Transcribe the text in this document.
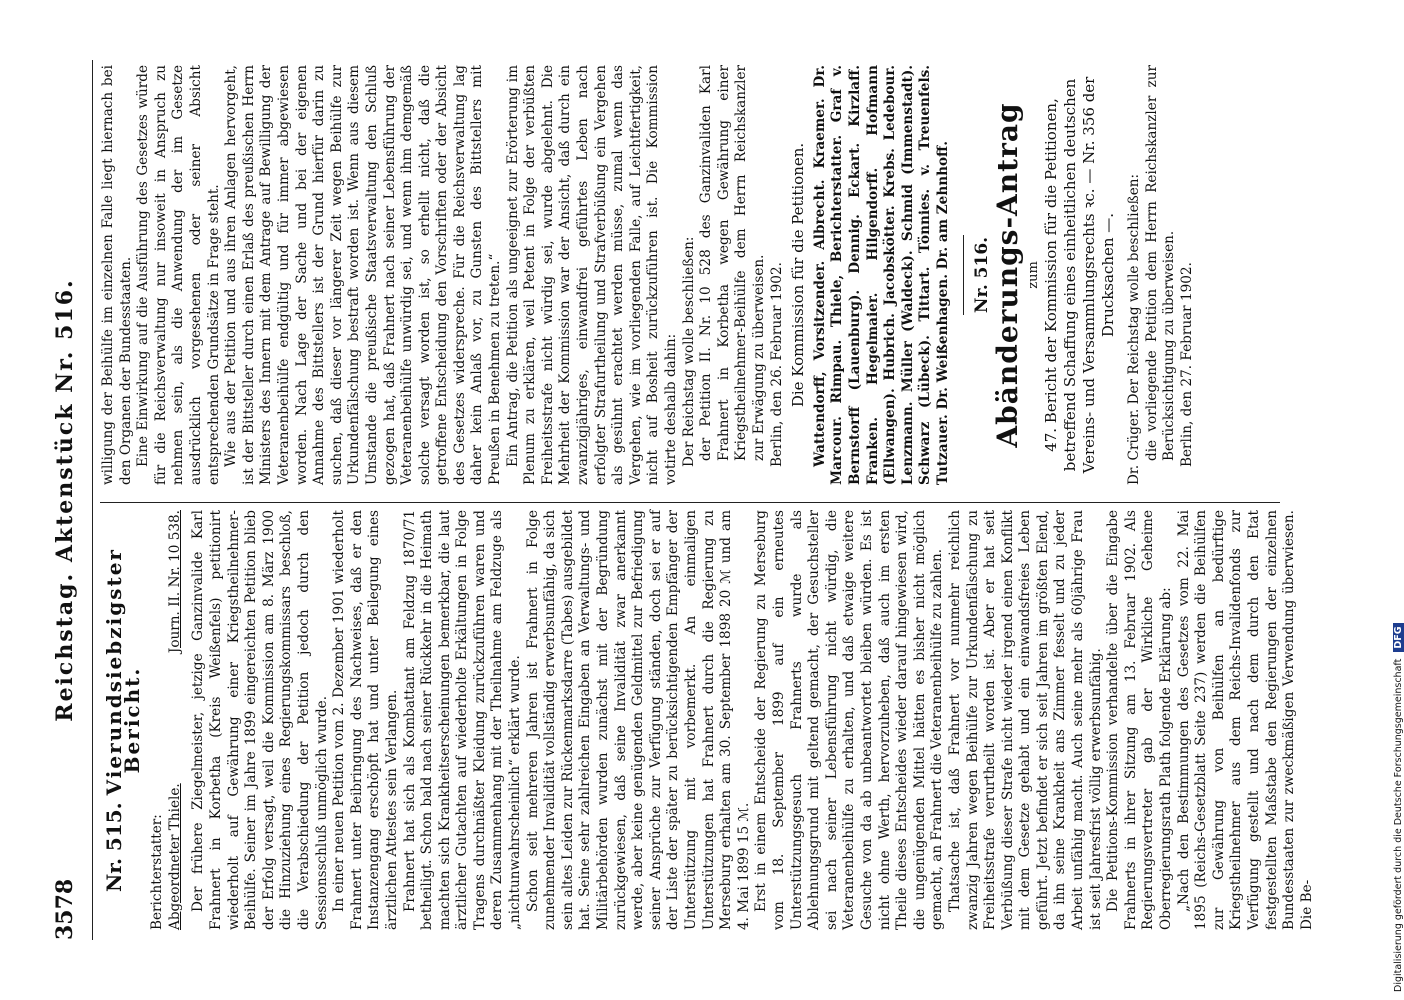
3578
Reichstag. Aktenstück Nr. 516.
Nr. 515. Vierundsiebzigster Bericht.
Berichterstatter: Abgeordneter Thiele.
Journ. II. Nr. 10 538. Der frühere Ziegelmeister, jetzige Ganzinvalide Karl Frahnert in Korbetha (Kreis Weißenfels) petitionirt wiederholt auf Gewährung einer Kriegstheilnehmer-Beihülfe. Seiner im Jahre 1899 eingereichten Petition blieb der Erfolg versagt, weil die Kommission am 8. März 1900 die Hinzuziehung eines Regierungskommissars beschloß, die Verabschiedung der Petition jedoch durch den Sessionsschluß unmöglich wurde. In einer neuen Petition vom 2. Dezember 1901 wiederholt Frahnert unter Beibringung des Nachweises, daß er den Instanzengang erschöpft hat und unter Beilegung eines ärztlichen Attestes sein Verlangen. Frahnert hat sich als Kombattant am Feldzug 1870/71 betheiligt. Schon bald nach seiner Rückkehr in die Heimath machten sich Krankheitserscheinungen bemerkbar, die laut ärztlicher Gutachten auf wiederholte Erkältungen in Folge Tragens durchnäßter Kleidung zurückzuführen waren und deren Zusammenhang mit der Theilnahme am Feldzuge als „nichtunwahrscheinlich“ erklärt wurde. Schon seit mehreren Jahren ist Frahnert in Folge zunehmender Invalidität vollständig erwerbsunfähig, da sich sein altes Leiden zur Rückenmarksdarre (Tabes) ausgebildet hat. Seine sehr zahlreichen Eingaben an Verwaltungs- und Militärbehörden wurden zunächst mit der Begründung zurückgewiesen, daß seine Invalidität zwar anerkannt werde, aber keine genügenden Geldmittel zur Befriedigung seiner Ansprüche zur Verfügung ständen, doch sei er auf der Liste der später zu berücksichtigenden Empfänger der Unterstützung mit vorbemerkt. An einmaligen Unterstützungen hat Frahnert durch die Regierung zu Merseburg erhalten am 30. September 1898 20 ℳ und am 4. Mai 1899 15 ℳ. Erst in einem Entscheide der Regierung zu Merseburg vom 18. September 1899 auf ein erneutes Unterstützungsgesuch Frahnerts wurde als Ablehnungsgrund mit geltend gemacht, der Gesuchsteller sei nach seiner Lebensführung nicht würdig, die Veteranenbeihülfe zu erhalten, und daß etwaige weitere Gesuche von da ab unbeantwortet bleiben würden. Es ist nicht ohne Werth, hervorzuheben, daß auch im ersten Theile dieses Entscheides wieder darauf hingewiesen wird, die ungenügenden Mittel hätten es bisher nicht möglich gemacht, an Frahnert die Veteranenbeihülfe zu zahlen. Thatsache ist, daß Frahnert vor nunmehr reichlich zwanzig Jahren wegen Beihülfe zur Urkundenfälschung zu Freiheitsstrafe verurtheilt worden ist. Aber er hat seit Verbüßung dieser Strafe nicht wieder irgend einen Konflikt mit dem Gesetze gehabt und ein einwandsfreies Leben geführt. Jetzt befindet er sich seit Jahren im größten Elend, da ihn seine Krankheit ans Zimmer fesselt und zu jeder Arbeit unfähig macht. Auch seine mehr als 60jährige Frau ist seit Jahresfrist völlig erwerbsunfähig. Die Petitions-Kommission verhandelte über die Eingabe Frahnerts in ihrer Sitzung am 13. Februar 1902. Als Regierungsvertreter gab der Wirkliche Geheime Oberregierungsrath Plath folgende Erklärung ab: „Nach den Bestimmungen des Gesetzes vom 22. Mai 1895 (Reichs-Gesetzblatt Seite 237) werden die Beihülfen zur Gewährung von Beihülfen an bedürftige Kriegstheilnehmer aus dem Reichs-Invalidenfonds zur Verfügung gestellt und nach dem durch den Etat festgestellten Maßstabe den Regierungen der einzelnen Bundesstaaten zur zweckmäßigen Verwendung überwiesen. Die Be-

willigung der Beihülfe im einzelnen Falle liegt hiernach bei den Organen der Bundesstaaten. Eine Einwirkung auf die Ausführung des Gesetzes würde für die Reichsverwaltung nur insoweit in Anspruch zu nehmen sein, als die Anwendung der im Gesetze ausdrücklich vorgesehenen oder seiner Absicht entsprechenden Grundsätze in Frage steht. Wie aus der Petition und aus ihren Anlagen hervorgeht, ist der Bittsteller durch einen Erlaß des preußischen Herrn Ministers des Innern mit dem Antrage auf Bewilligung der Veteranenbeihülfe endgültig und für immer abgewiesen worden. Nach Lage der Sache und bei der eigenen Annahme des Bittstellers ist der Grund hierfür darin zu suchen, daß dieser vor längerer Zeit wegen Beihülfe zur Urkundenfälschung bestraft worden ist. Wenn aus diesem Umstande die preußische Staatsverwaltung den Schluß gezogen hat, daß Frahnert nach seiner Lebensführung der Veteranenbeihülfe unwürdig sei, und wenn ihm demgemäß solche versagt worden ist, so erhellt nicht, daß die getroffene Entscheidung den Vorschriften oder der Absicht des Gesetzes widerspreche. Für die Reichsverwaltung lag daher kein Anlaß vor, zu Gunsten des Bittstellers mit Preußen in Benehmen zu treten.“ Ein Antrag, die Petition als ungeeignet zur Erörterung im Plenum zu erklären, weil Petent in Folge der verbüßten Freiheitsstrafe nicht würdig sei, wurde abgelehnt. Die Mehrheit der Kommission war der Ansicht, daß durch ein zwanzigjähriges, einwandfrei geführtes Leben nach erfolgter Strafurtheilung und Strafverbüßung ein Vergehen als gesühnt erachtet werden müsse, zumal wenn das Vergehen, wie im vorliegenden Falle, auf Leichtfertigkeit, nicht auf Bosheit zurückzuführen ist. Die Kommission votirte deshalb dahin: Der Reichstag wolle beschließen: der Petition II. Nr. 10 528 des Ganzinvaliden Karl Frahnert in Korbetha wegen Gewährung einer Kriegstheilnehmer-Beihülfe dem Herrn Reichskanzler zur Erwägung zu überweisen. Berlin, den 26. Februar 1902. Die Kommission für die Petitionen. Wattendorff, Vorsitzender. Albrecht. Kraemer. Dr. Marcour. Rimpau. Thiele, Berichterstatter. Graf v. Bernstorff (Lauenburg). Dennig. Eckart. Kirzlaff. Franken. Hegelmaier. Hilgendorff. Hofmann (Ellwangen). Hubrich. Jacobskötter. Krebs. Ledebour. Lenzmann. Müller (Waldeck). Schmid (Immenstadt). Schwarz (Lübeck). Tittart. Tönnies. v. Treuenfels. Tutzauer. Dr. Weißenhagen. Dr. am Zehnhoff. Nr. 516. Abänderungs-Antrag zum 47. Bericht der Kommission für die Petitionen, betreffend Schaffung eines einheitlichen deutschen Vereins- und Versammlungsrechts ꝛc. — Nr. 356 der Drucksachen —. Dr. Crüger. Der Reichstag wolle beschließen: die vorliegende Petition dem Herrn Reichskanzler zur Berücksichtigung zu überweisen. Berlin, den 27. Februar 1902.

Digitalisierung gefördert durch die Deutsche Forschungsgemeinschaft DFG
